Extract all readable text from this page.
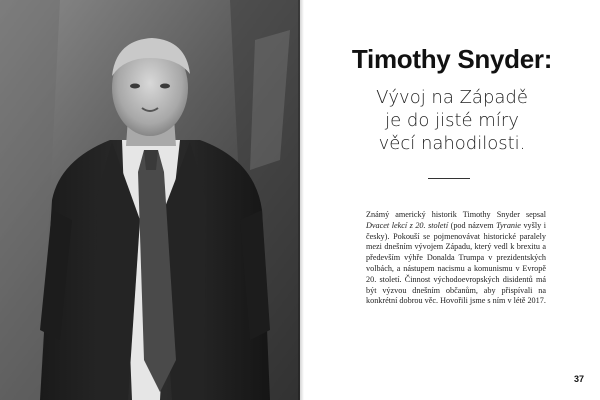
Timothy Snyder:
Vývoj na Západě
je do jisté míry
věcí nahodilosti.
Známý americký historik Timothy Snyder sepsal Dvacet lekcí z 20. století (pod názvem Tyranie vyšly i česky). Pokouší se pojmenovávat historické paralely mezi dnešním vývojem Západu, který vedl k brexitu a především výhře Donalda Trumpa v prezidentských volbách, a nástupem nacismu a komunismu v Evropě 20. století. Činnost východoevropských disidentů má být výzvou dnešním občanům, aby přispívali na konkrétní dobrou věc. Hovořili jsme s ním v létě 2017.
37
